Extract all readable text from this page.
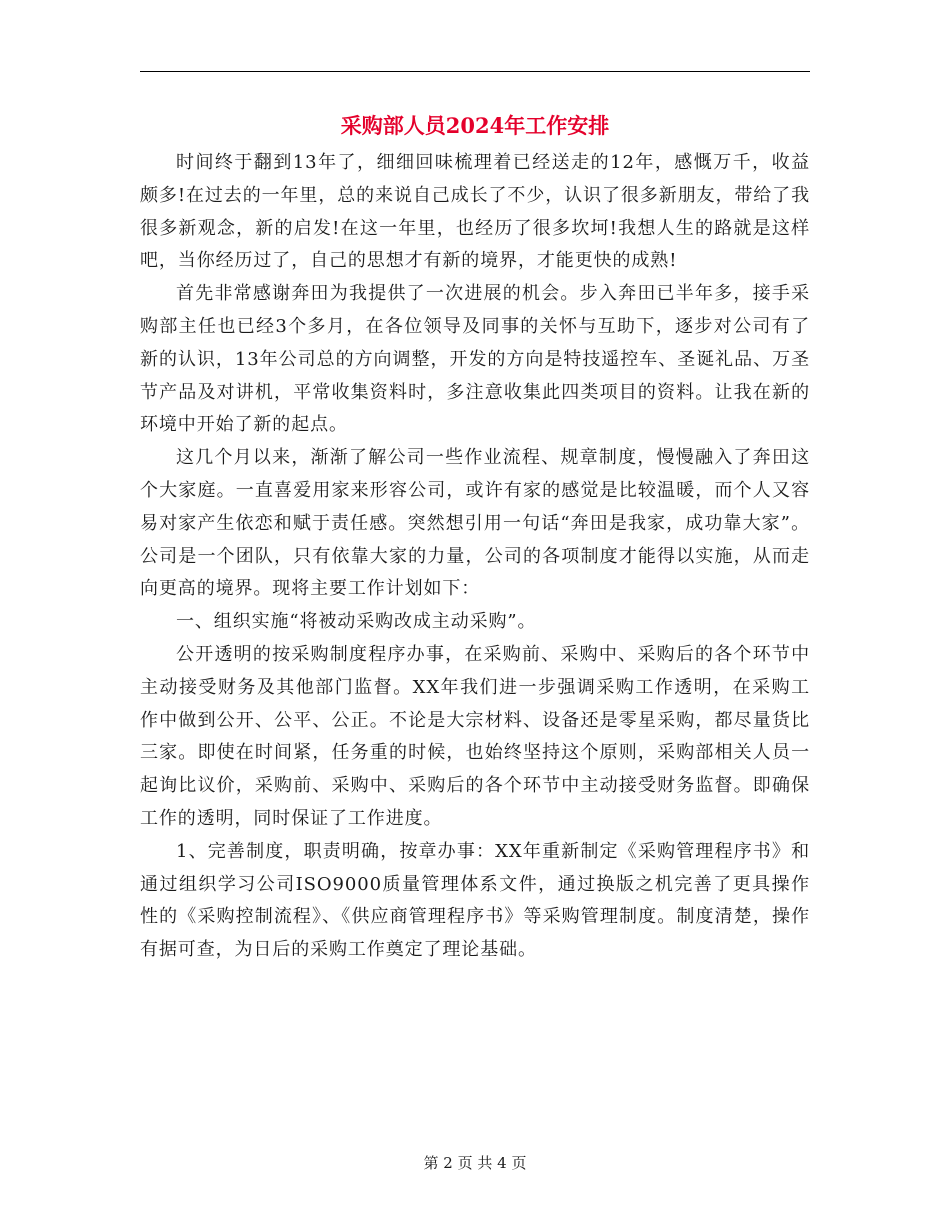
采购部人员2024年工作安排

时间终于翻到13年了，细细回味梳理着已经送走的12年，感慨万千，收益颇多!在过去的一年里，总的来说自己成长了不少，认识了很多新朋友，带给了我很多新观念，新的启发!在这一年里，也经历了很多坎坷!我想人生的路就是这样吧，当你经历过了，自己的思想才有新的境界，才能更快的成熟!

首先非常感谢奔田为我提供了一次进展的机会。步入奔田已半年多，接手采购部主任也已经3个多月，在各位领导及同事的关怀与互助下，逐步对公司有了新的认识，13年公司总的方向调整，开发的方向是特技遥控车、圣诞礼品、万圣节产品及对讲机，平常收集资料时，多注意收集此四类项目的资料。让我在新的环境中开始了新的起点。

这几个月以来，渐渐了解公司一些作业流程、规章制度，慢慢融入了奔田这个大家庭。一直喜爱用家来形容公司，或许有家的感觉是比较温暖，而个人又容易对家产生依恋和赋于责任感。突然想引用一句话“奔田是我家，成功靠大家”。公司是一个团队，只有依靠大家的力量，公司的各项制度才能得以实施，从而走向更高的境界。现将主要工作计划如下：

一、组织实施“将被动采购改成主动采购”。

公开透明的按采购制度程序办事，在采购前、采购中、采购后的各个环节中主动接受财务及其他部门监督。XX年我们进一步强调采购工作透明，在采购工作中做到公开、公平、公正。不论是大宗材料、设备还是零星采购，都尽量货比三家。即使在时间紧，任务重的时候，也始终坚持这个原则，采购部相关人员一起询比议价，采购前、采购中、采购后的各个环节中主动接受财务监督。即确保工作的透明，同时保证了工作进度。

1、完善制度，职责明确，按章办事：XX年重新制定《采购管理程序书》和通过组织学习公司ISO9000质量管理体系文件，通过换版之机完善了更具操作性的《采购控制流程》、《供应商管理程序书》等采购管理制度。制度清楚，操作有据可查，为日后的采购工作奠定了理论基础。

第 2 页 共 4 页
